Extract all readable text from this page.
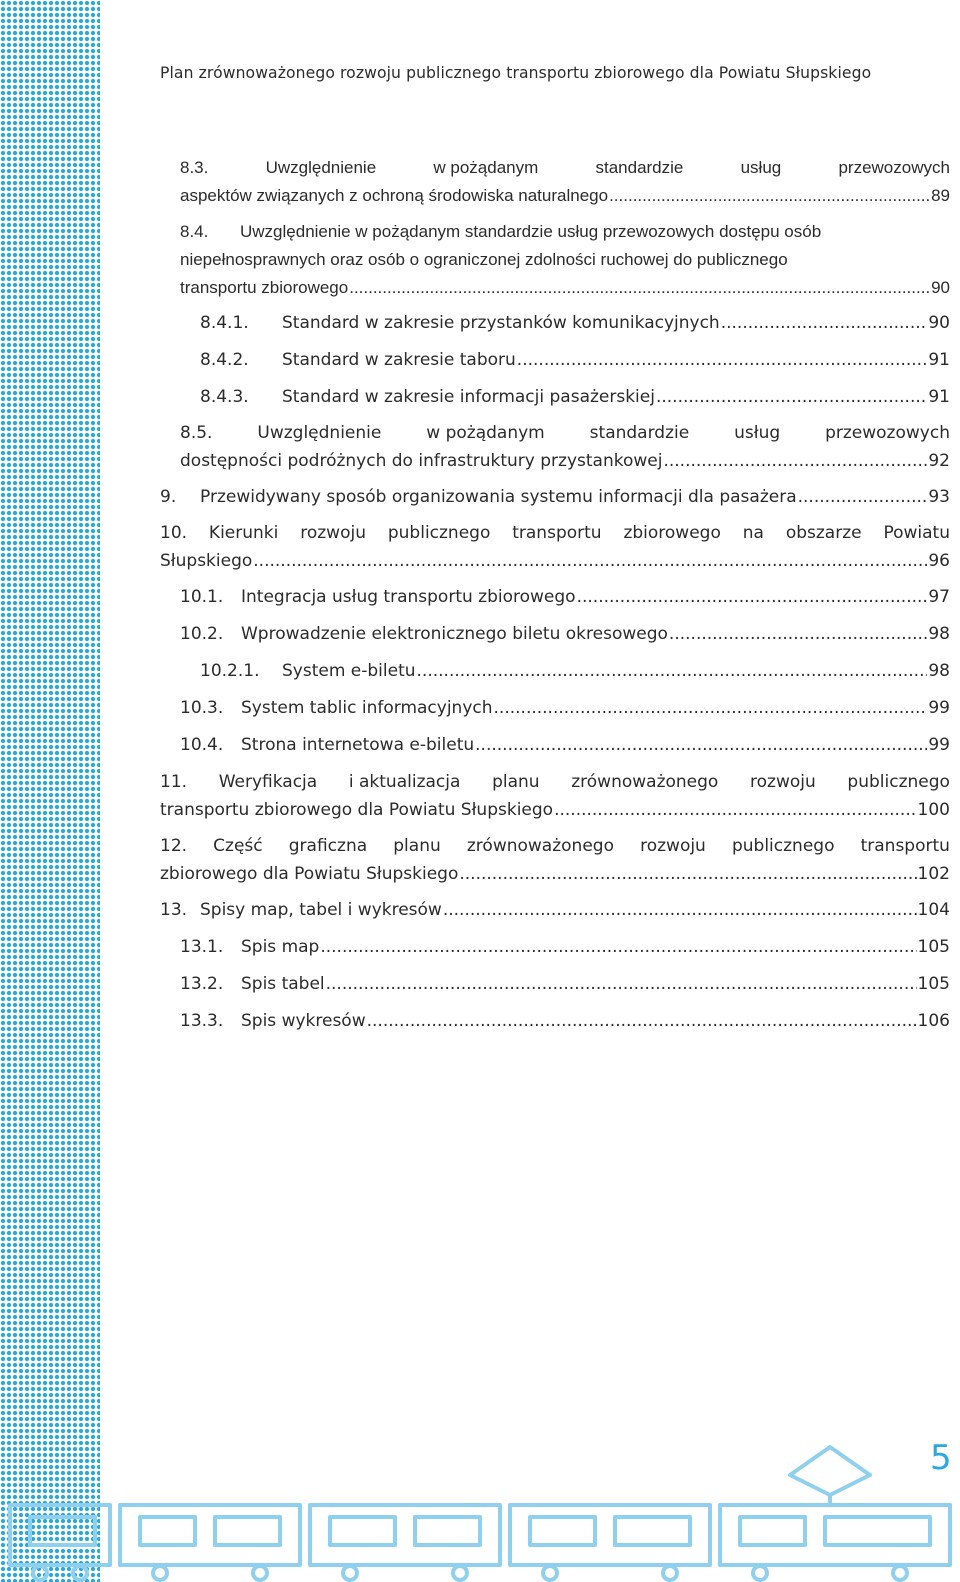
Plan zrównoważonego rozwoju publicznego transportu zbiorowego dla Powiatu Słupskiego
8.3.	Uwzględnienie	w pożądanym	standardzie	usług	przewozowych
aspektów związanych z ochroną środowiska naturalnego .....	89
8.4.	Uwzględnienie w pożądanym standardzie usług przewozowych dostępu osób
niepełnosprawnych oraz osób o ograniczonej zdolności ruchowej do publicznego
transportu zbiorowego .....	90
8.4.1.	Standard w zakresie przystanków komunikacyjnych .....	90
8.4.2.	Standard w zakresie taboru .....	91
8.4.3.	Standard w zakresie informacji pasażerskiej .....	91
8.5.	Uwzględnienie	w pożądanym	standardzie	usług	przewozowych
dostępności podróżnych do infrastruktury przystankowej .....	92
9.	Przewidywany sposób organizowania systemu informacji dla pasażera .....	93
10. Kierunki rozwoju publicznego transportu zbiorowego na obszarze Powiatu
Słupskiego .....	96
10.1.	Integracja usług transportu zbiorowego .....	97
10.2.	Wprowadzenie elektronicznego biletu okresowego .....	98
10.2.1.	System e-biletu .....	98
10.3.	System tablic informacyjnych .....	99
10.4.	Strona internetowa e-biletu .....	99
11. Weryfikacja i aktualizacja planu zrównoważonego rozwoju publicznego
transportu zbiorowego dla Powiatu Słupskiego .....	100
12. Część graficzna planu zrównoważonego rozwoju publicznego transportu
zbiorowego dla Powiatu Słupskiego .....	102
13. Spisy map, tabel i wykresów .....	104
13.1.	Spis map .....	105
13.2.	Spis tabel .....	105
13.3.	Spis wykresów .....	106
5
